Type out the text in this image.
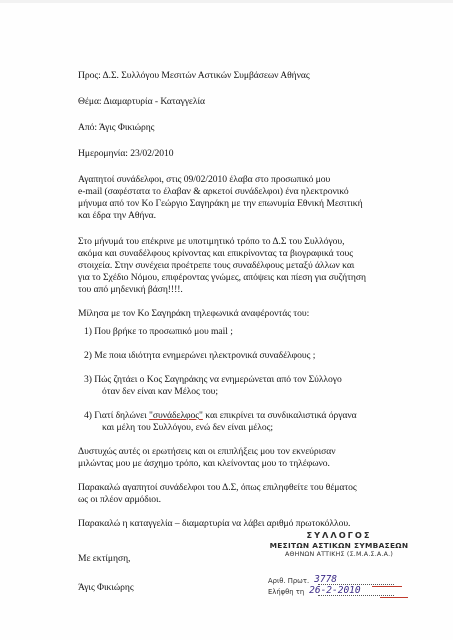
Προς: Δ.Σ. Συλλόγου Μεσιτών Αστικών Συμβάσεων Αθήνας
Θέμα: Διαμαρτυρία - Καταγγελία
Από: Άγις Φικιώρης
Ημερομηνία: 23/02/2010
Αγαπητοί συνάδελφοι, στις 09/02/2010 έλαβα στο προσωπικό μου
e-mail (σαφέστατα το έλαβαν & αρκετοί συνάδελφοι) ένα ηλεκτρονικό
μήνυμα από τον Κο Γεώργιο Σαγηράκη με την επωνυμία Εθνική Μεσιτική
και έδρα την Αθήνα.
Στο μήνυμά του επέκρινε με υποτιμητικό τρόπο το Δ.Σ του Συλλόγου,
ακόμα και συναδέλφους κρίνοντας και επικρίνοντας τα βιογραφικά τους
στοιχεία. Στην συνέχεια προέτρεπε τους συναδέλφους μεταξύ άλλων και
για το Σχέδιο Νόμου, επιφέροντας γνώμες, απόψεις και πίεση για συζήτηση
του από μηδενική βάση!!!!.
Μίλησα με τον Κο Σαγηράκη τηλεφωνικά αναφέροντάς του:
1) Που βρήκε το προσωπικό μου mail ;
2) Με ποια ιδιότητα ενημερώνει ηλεκτρονικά συναδέλφους ;
3) Πώς ζητάει ο Κος Σαγηράκης να ενημερώνεται από τον Σύλλογο
όταν δεν είναι καν Μέλος του;
4) Γιατί δηλώνει "συνάδελφος" και επικρίνει τα συνδικαλιστικά όργανα
και μέλη του Συλλόγου, ενώ δεν είναι μέλος;
Δυστυχώς αυτές οι ερωτήσεις και οι επιπλήξεις μου τον εκνεύρισαν
μιλώντας μου με άσχημο τρόπο, και κλείνοντας μου το τηλέφωνο.
Παρακαλώ αγαπητοί συνάδελφοι του Δ.Σ, όπως επιληφθείτε του θέματος
ως οι πλέον αρμόδιοι.
Παρακαλώ η καταγγελία – διαμαρτυρία να λάβει αριθμό πρωτοκόλλου.
Με εκτίμηση,
Άγις Φικιώρης
ΣΥΛΛΟΓΟΣ
ΜΕΣΙΤΩΝ ΑΣΤΙΚΩΝ ΣΥΜΒΑΣΕΩΝ
ΑΘΗΝΩΝ ΑΤΤΙΚΗΣ (Σ.Μ.Α.Σ.Α.Α.)
Αριθ. Πρωτ. 3778
Ελήφθη τη 26-2-2010
